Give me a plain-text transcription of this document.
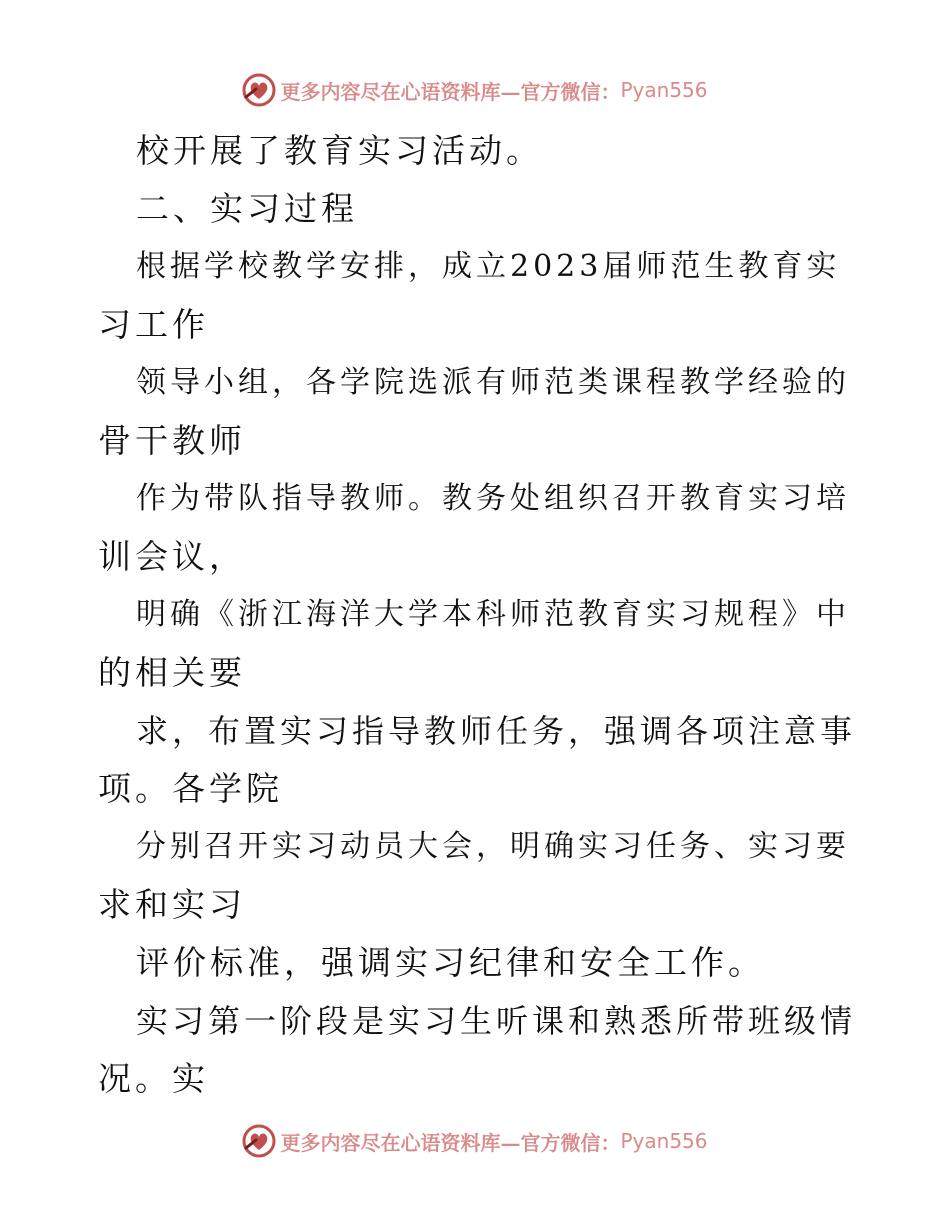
更多内容尽在心语资料库—官方微信： Pyan556
校开展了教育实习活动。
二、实习过程
根据学校教学安排，成立2023届师范生教育实
习工作
领导小组，各学院选派有师范类课程教学经验的
骨干教师
作为带队指导教师。教务处组织召开教育实习培
训会议，
明确《浙江海洋大学本科师范教育实习规程》中
的相关要
求，布置实习指导教师任务，强调各项注意事
项。各学院
分别召开实习动员大会，明确实习任务、实习要
求和实习
评价标准，强调实习纪律和安全工作。
实习第一阶段是实习生听课和熟悉所带班级情
况。实
更多内容尽在心语资料库—官方微信： Pyan556
